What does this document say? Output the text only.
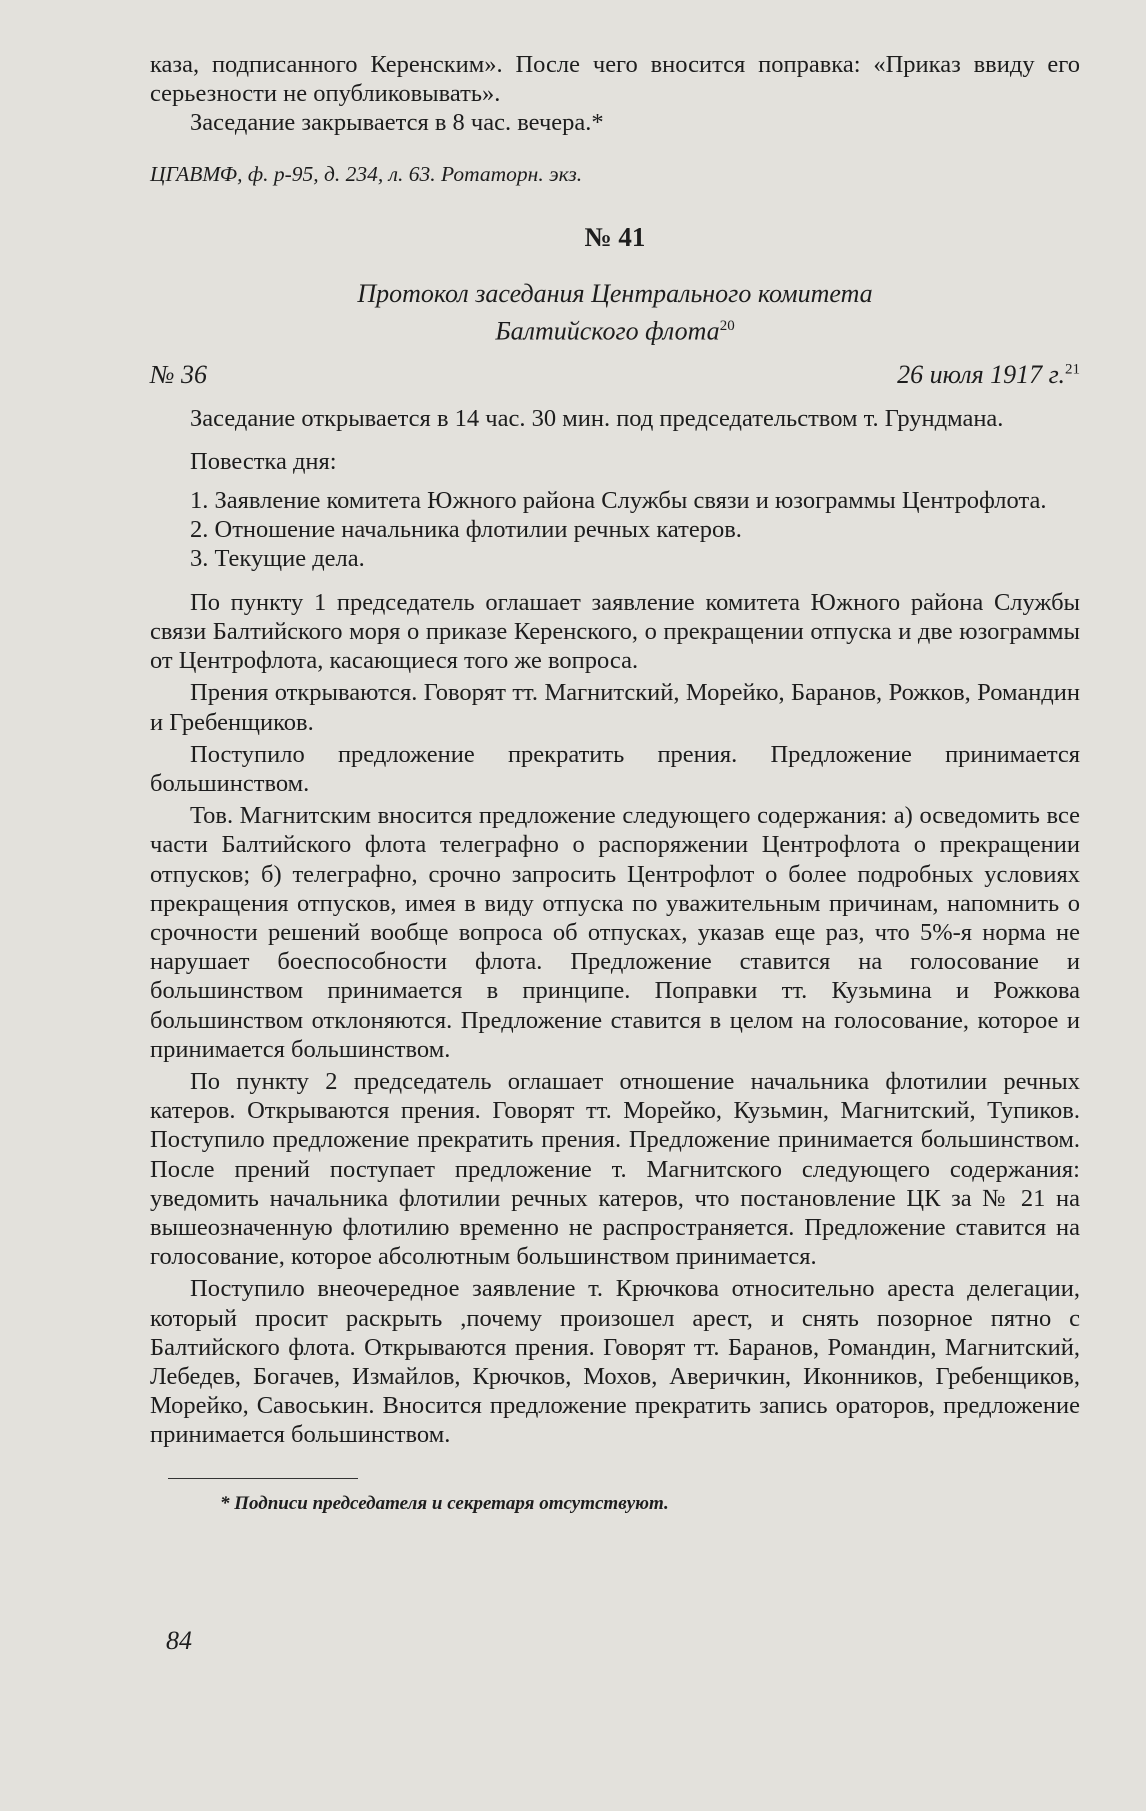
каза, подписанного Керенским». После чего вносится поправка: «Приказ ввиду его серьезности не опубликовывать».

Заседание закрывается в 8 час. вечера.*

ЦГАВМФ, ф. р-95, д. 234, л. 63. Ротаторн. экз.

№ 41

Протокол заседания Центрального комитета
Балтийского флота$^{20}$
№ 36	26 июля 1917 г.$^{21}$

Заседание открывается в 14 час. 30 мин. под председательством т. Грундмана.

Повестка дня:

1. Заявление комитета Южного района Службы связи и юзограммы Центрофлота.

2. Отношение начальника флотилии речных катеров.

3. Текущие дела.

По пункту 1 председатель оглашает заявление комитета Южного района Службы связи Балтийского моря о приказе Керенского, о прекращении отпуска и две юзограммы от Центрофлота, касающиеся того же вопроса.

Прения открываются. Говорят тт. Магнитский, Морейко, Баранов, Рожков, Романдин и Гребенщиков.

Поступило предложение прекратить прения. Предложение принимается большинством.

Тов. Магнитским вносится предложение следующего содержания: а) осведомить все части Балтийского флота телеграфно о распоряжении Центрофлота о прекращении отпусков; б) телеграфно, срочно запросить Центрофлот о более подробных условиях прекращения отпусков, имея в виду отпуска по уважительным причинам, напомнить о срочности решений вообще вопроса об отпусках, указав еще раз, что 5%-я норма не нарушает боеспособности флота. Предложение ставится на голосование и большинством принимается в принципе. Поправки тт. Кузьмина и Рожкова большинством отклоняются. Предложение ставится в целом на голосование, которое и принимается большинством.

По пункту 2 председатель оглашает отношение начальника флотилии речных катеров. Открываются прения. Говорят тт. Морейко, Кузьмин, Магнитский, Тупиков. Поступило предложение прекратить прения. Предложение принимается большинством. После прений поступает предложение т. Магнитского следующего содержания: уведомить начальника флотилии речных катеров, что постановление ЦК за № 21 на вышеозначенную флотилию временно не распространяется. Предложение ставится на голосование, которое абсолютным большинством принимается.

Поступило внеочередное заявление т. Крючкова относительно ареста делегации, который просит раскрыть ,почему произошел арест, и снять позорное пятно с Балтийского флота. Открываются прения. Говорят тт. Баранов, Романдин, Магнитский, Лебедев, Богачев, Измайлов, Крючков, Мохов, Аверичкин, Иконников, Гребенщиков, Морейко, Савоськин. Вносится предложение прекратить запись ораторов, предложение принимается большинством.

* Подписи председателя и секретаря отсутствуют.

84
